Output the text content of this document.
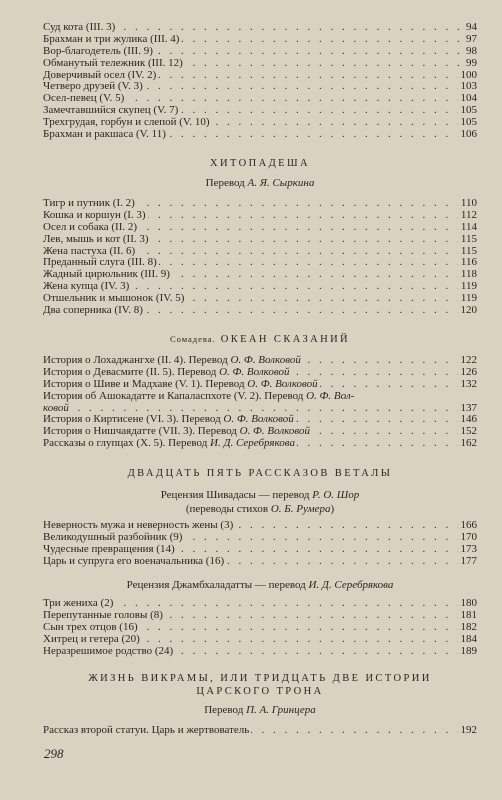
Суд кота (III. 3)	94
. . .
Брахман и три жулика (III. 4)	97
. . .
Вор-благодетель (III. 9)	98
. . .
Обманутый тележник (III. 12)	99
. . .
Доверчивый осел (IV. 2)	100
. . .
Четверо друзей (V. 3)	103
. . .
Осел-певец (V. 5)	104
. . .
Замечтавшийся скупец (V. 7)	105
. . .
Трехгрудая, горбун и слепой (V. 10)	105
. . .
Брахман и ракшаса (V. 11)	106
. . .
ХИТОПАДЕША
Перевод А. Я. Сыркина
Тигр и путник (I. 2)	110
. . .
Кошка и коршун (I. 3)	112
. . .
Осел и собака (II. 2)	114
. . .
Лев, мышь и кот (II. 3)	115
. . .
Жена пастуха (II. 6)	115
. . .
Преданный слуга (III. 8)	116
. . .
Жадный цирюльник (III. 9)	118
. . .
Жена купца (IV. 3)	119
. . .
Отшельник и мышонок (IV. 5)	119
. . .
Два соперника (IV. 8)	120
. . .
Сомадева. ОКЕАН СКАЗАНИЙ
История о Лохаджангхе (II. 4). Перевод О. Ф. Волковой	122
. . .
История о Девасмите (II. 5). Перевод О. Ф. Волковой	126
. . .
История о Шиве и Мадхаве (V. 1). Перевод О. Ф. Волковой	132
. . .
История об Ашокадатте и Капаласпхоте (V. 2). Перевод О. Ф. Вол-
ковой	137
. . .
История о Киртисене (VI. 3). Перевод О. Ф. Волковой	146
. . .
История о Нишчаядатте (VII. 3). Перевод О. Ф. Волковой	152
. . .
Рассказы о глупцах (X. 5). Перевод И. Д. Серебрякова	162
. . .
ДВАДЦАТЬ ПЯТЬ РАССКАЗОВ ВЕТАЛЫ
Рецензия Шивадасы — перевод Р. О. Шор
(переводы стихов О. Б. Румера)
Неверность мужа и неверность жены (3)	166
. . .
Великодушный разбойник (9)	170
. . .
Чудесные превращения (14)	173
. . .
Царь и супруга его военачальника (16)	177
. . .
Рецензия Джамбхаладатты — перевод И. Д. Серебрякова
Три жениха (2)	180
. . .
Перепутанные головы (8)	181
. . .
Сын трех отцов (16)	182
. . .
Хитрец и гетера (20)	184
. . .
Неразрешимое родство (24)	189
. . .
ЖИЗНЬ ВИКРАМЫ, ИЛИ ТРИДЦАТЬ ДВЕ ИСТОРИИ
ЦАРСКОГО ТРОНА
Перевод П. А. Гринцера
Рассказ второй статуи. Царь и жертвователь	192
. . .
298
